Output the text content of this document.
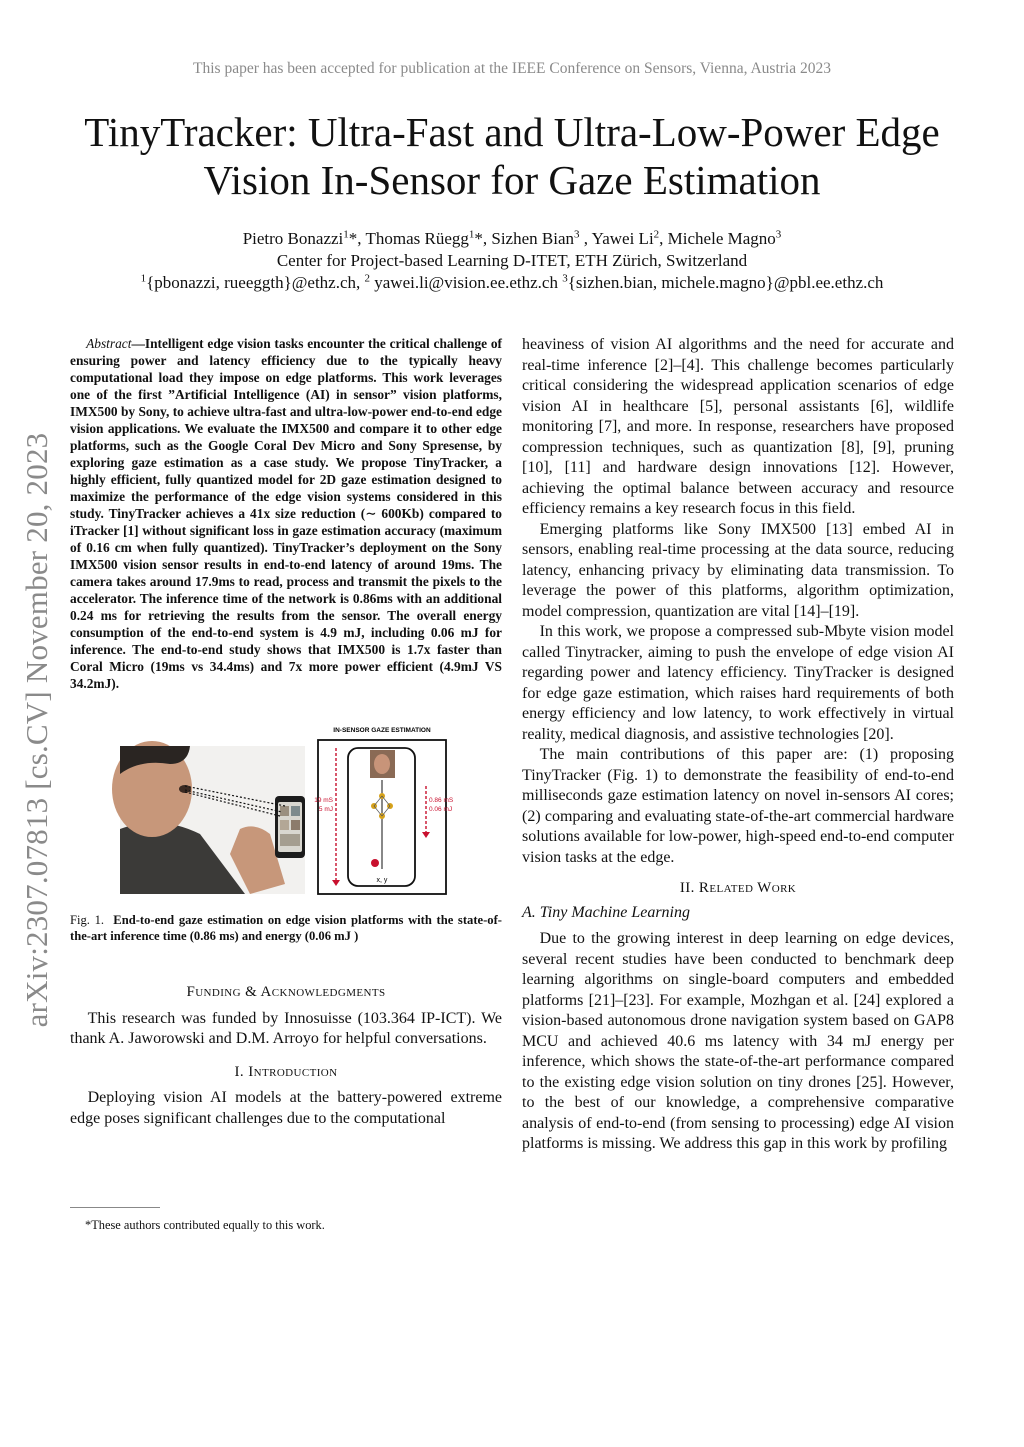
This paper has been accepted for publication at the IEEE Conference on Sensors, Vienna, Austria 2023
TinyTracker: Ultra-Fast and Ultra-Low-Power Edge Vision In-Sensor for Gaze Estimation
Pietro Bonazzi$^1$*, Thomas Rüegg$^1$*, Sizhen Bian$^3$ , Yawei Li$^2$, Michele Magno$^3$
Center for Project-based Learning D-ITET, ETH Zürich, Switzerland
$^1${pbonazzi, rueeggth}@ethz.ch, $^2$ yawei.li@vision.ee.ethz.ch $^3${sizhen.bian, michele.magno}@pbl.ee.ethz.ch
arXiv:2307.07813 [cs.CV] November 20, 2023

Abstract—Intelligent edge vision tasks encounter the critical challenge of ensuring power and latency efficiency due to the typically heavy computational load they impose on edge platforms. This work leverages one of the first ”Artificial Intelligence (AI) in sensor” vision platforms, IMX500 by Sony, to achieve ultra-fast and ultra-low-power end-to-end edge vision applications. We evaluate the IMX500 and compare it to other edge platforms, such as the Google Coral Dev Micro and Sony Spresense, by exploring gaze estimation as a case study. We propose TinyTracker, a highly efficient, fully quantized model for 2D gaze estimation designed to maximize the performance of the edge vision systems considered in this study. TinyTracker achieves a 41x size reduction (∼ 600Kb) compared to iTracker [1] without significant loss in gaze estimation accuracy (maximum of 0.16 cm when fully quantized). TinyTracker’s deployment on the Sony IMX500 vision sensor results in end-to-end latency of around 19ms. The camera takes around 17.9ms to read, process and transmit the pixels to the accelerator. The inference time of the network is 0.86ms with an additional 0.24 ms for retrieving the results from the sensor. The overall energy consumption of the end-to-end system is 4.9 mJ, including 0.06 mJ for inference. The end-to-end study shows that IMX500 is 1.7x faster than Coral Micro (19ms vs 34.4ms) and 7x more power efficient (4.9mJ VS 34.2mJ).

IN-SENSOR GAZE ESTIMATION
x, y
19 mS
5 mJ
0.86 mS
0.06 mJ
Fig. 1. End-to-end gaze estimation on edge vision platforms with the state-of-the-art inference time (0.86 ms) and energy (0.06 mJ )

Funding & Acknowledgments

This research was funded by Innosuisse (103.364 IP-ICT). We thank A. Jaworowski and D.M. Arroyo for helpful conversations.

I. Introduction

Deploying vision AI models at the battery-powered extreme edge poses significant challenges due to the computational

*These authors contributed equally to this work.

heaviness of vision AI algorithms and the need for accurate and real-time inference [2]–[4]. This challenge becomes particularly critical considering the widespread application scenarios of edge vision AI in healthcare [5], personal assistants [6], wildlife monitoring [7], and more. In response, researchers have proposed compression techniques, such as quantization [8], [9], pruning [10], [11] and hardware design innovations [12]. However, achieving the optimal balance between accuracy and resource efficiency remains a key research focus in this field.

Emerging platforms like Sony IMX500 [13] embed AI in sensors, enabling real-time processing at the data source, reducing latency, enhancing privacy by eliminating data transmission. To leverage the power of this platforms, algorithm optimization, model compression, quantization are vital [14]–[19].

In this work, we propose a compressed sub-Mbyte vision model called Tinytracker, aiming to push the envelope of edge vision AI regarding power and latency efficiency. TinyTracker is designed for edge gaze estimation, which raises hard requirements of both energy efficiency and low latency, to work effectively in virtual reality, medical diagnosis, and assistive technologies [20].

The main contributions of this paper are: (1) proposing TinyTracker (Fig. 1) to demonstrate the feasibility of end-to-end milliseconds gaze estimation latency on novel in-sensors AI cores; (2) comparing and evaluating state-of-the-art commercial hardware solutions available for low-power, high-speed end-to-end computer vision tasks at the edge.

II. Related Work

A. Tiny Machine Learning

Due to the growing interest in deep learning on edge devices, several recent studies have been conducted to benchmark deep learning algorithms on single-board computers and embedded platforms [21]–[23]. For example, Mozhgan et al. [24] explored a vision-based autonomous drone navigation system based on GAP8 MCU and achieved 40.6 ms latency with 34 mJ energy per inference, which shows the state-of-the-art performance compared to the existing edge vision solution on tiny drones [25]. However, to the best of our knowledge, a comprehensive comparative analysis of end-to-end (from sensing to processing) edge AI vision platforms is missing. We address this gap in this work by profiling
